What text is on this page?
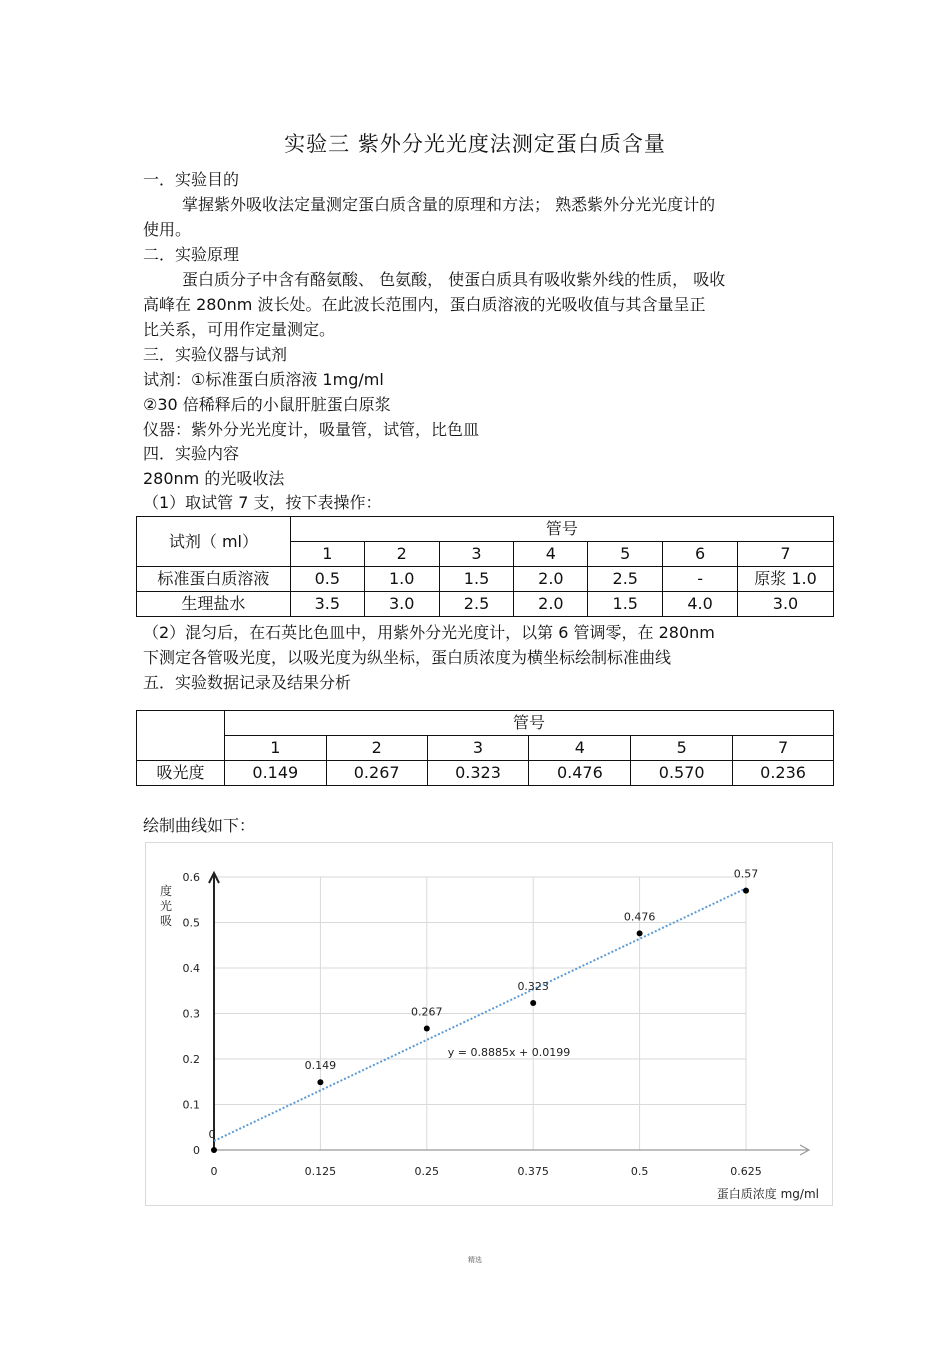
实验三 紫外分光光度法测定蛋白质含量
一．实验目的
掌握紫外吸收法定量测定蛋白质含量的原理和方法； 熟悉紫外分光光度计的
使用。
二．实验原理
蛋白质分子中含有酪氨酸、 色氨酸， 使蛋白质具有吸收紫外线的性质， 吸收
高峰在 280nm 波长处。在此波长范围内，蛋白质溶液的光吸收值与其含量呈正
比关系，可用作定量测定。
三．实验仪器与试剂
试剂：①标准蛋白质溶液 1mg/ml
②30 倍稀释后的小鼠肝脏蛋白原浆
仪器：紫外分光光度计，吸量管，试管，比色皿
四．实验内容
280nm 的光吸收法
（1）取试管 7 支，按下表操作：
试剂（ ml）	管号						
	1	2	3	4	5	6	7
标准蛋白质溶液	0.5	1.0	1.5	2.0	2.5	-	原浆 1.0
生理盐水	3.5	3.0	2.5	2.0	1.5	4.0	3.0
（2）混匀后，在石英比色皿中，用紫外分光光度计，以第 6 管调零，在 280nm
下测定各管吸光度，以吸光度为纵坐标，蛋白质浓度为横坐标绘制标准曲线
五．实验数据记录及结果分析
	管号					
	1	2	3	4	5	7
吸光度	0.149	0.267	0.323	0.476	0.570	0.236
绘制曲线如下：
0
0.1
0.2
0.3
0.4
0.5
0.6
0	0.125	0.25	0.375	0.5	0.625
度
光
吸
蛋白质浓度 mg/ml
y = 0.8885x + 0.0199
0
0.149
0.267
0.323
0.476
0.57
精选
